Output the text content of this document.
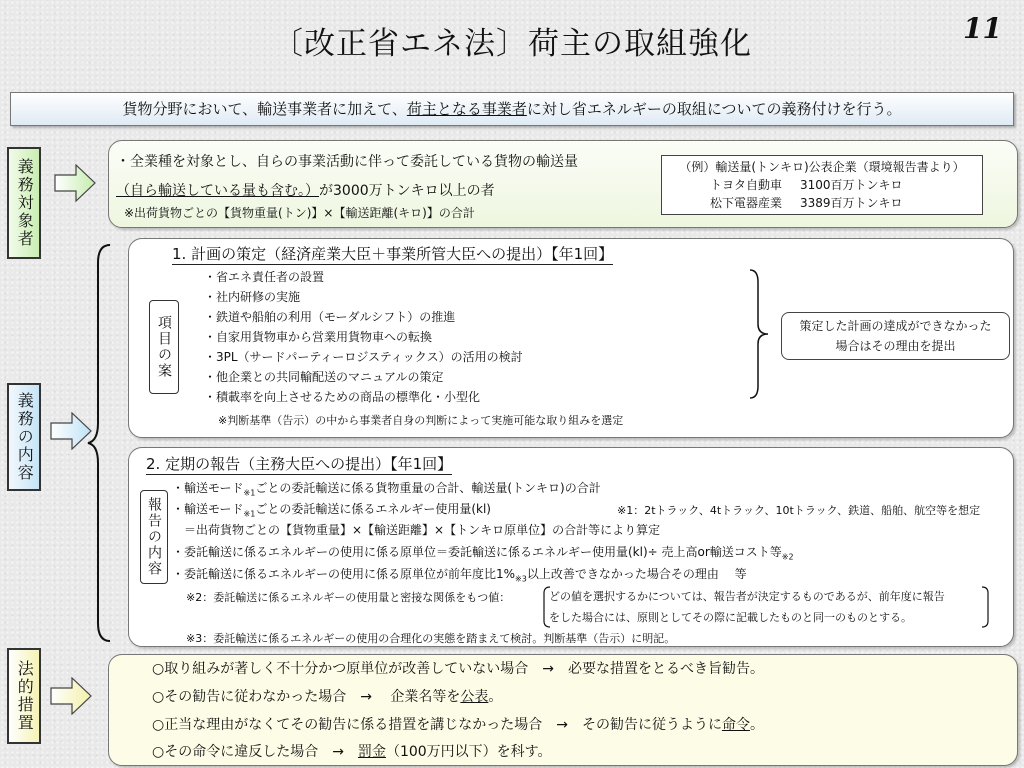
〔改正省エネ法〕荷主の取組強化	11
貨物分野において、輸送事業者に加えて、荷主となる事業者に対し省エネルギーの取組についての義務付けを行う。
義務対象者
義務の内容
法的措置
・全業種を対象とし、自らの事業活動に伴って委託している貨物の輸送量
（自ら輸送している量も含む。）が3000万トンキロ以上の者
※出荷貨物ごとの【貨物重量(トン)】×【輸送距離(キロ)】の合計
（例）輸送量(トンキロ)公表企業（環境報告書より）
トヨタ自動車 3100百万トンキロ
松下電器産業 3389百万トンキロ
1. 計画の策定（経済産業大臣＋事業所管大臣への提出）【年1回】
項目の案
・省エネ責任者の設置
・社内研修の実施
・鉄道や船舶の利用（モーダルシフト）の推進
・自家用貨物車から営業用貨物車への転換
・3PL（サードパーティーロジスティックス）の活用の検討
・他企業との共同輸配送のマニュアルの策定
・積載率を向上させるための商品の標準化・小型化
※判断基準（告示）の中から事業者自身の判断によって実施可能な取り組みを選定
策定した計画の達成ができなかった
場合はその理由を提出
2. 定期の報告（主務大臣への提出）【年1回】
報告の内容
・輸送モード$_{※1}$ごとの委託輸送に係る貨物重量の合計、輸送量(トンキロ)の合計
・輸送モード$_{※1}$ごとの委託輸送に係るエネルギー使用量(kl)	※1：2tトラック、4tトラック、10tトラック、鉄道、船舶、航空等を想定
＝出荷貨物ごとの【貨物重量】×【輸送距離】×【トンキロ原単位】の合計等により算定
・委託輸送に係るエネルギーの使用に係る原単位＝委託輸送に係るエネルギー使用量(kl)÷ 売上高or輸送コスト等$_{※2}$
・委託輸送に係るエネルギーの使用に係る原単位が前年度比$1\%_{※3}$以上改善できなかった場合その理由　 等
※2：委託輸送に係るエネルギーの使用量と密接な関係をもつ値：	どの値を選択するかについては、報告者が決定するものであるが、前年度に報告
をした場合には、原則としてその際に記載したものと同一のものとする。
※3：委託輸送に係るエネルギーの使用の合理化の実態を踏まえて検討。判断基準（告示）に明記。
○取り組みが著しく不十分かつ原単位が改善していない場合　→　必要な措置をとるべき旨勧告。
○その勧告に従わなかった場合　→　 企業名等を公表。
○正当な理由がなくてその勧告に係る措置を講じなかった場合　→　その勧告に従うように命令。
○その命令に違反した場合　→　罰金（100万円以下）を科す。
